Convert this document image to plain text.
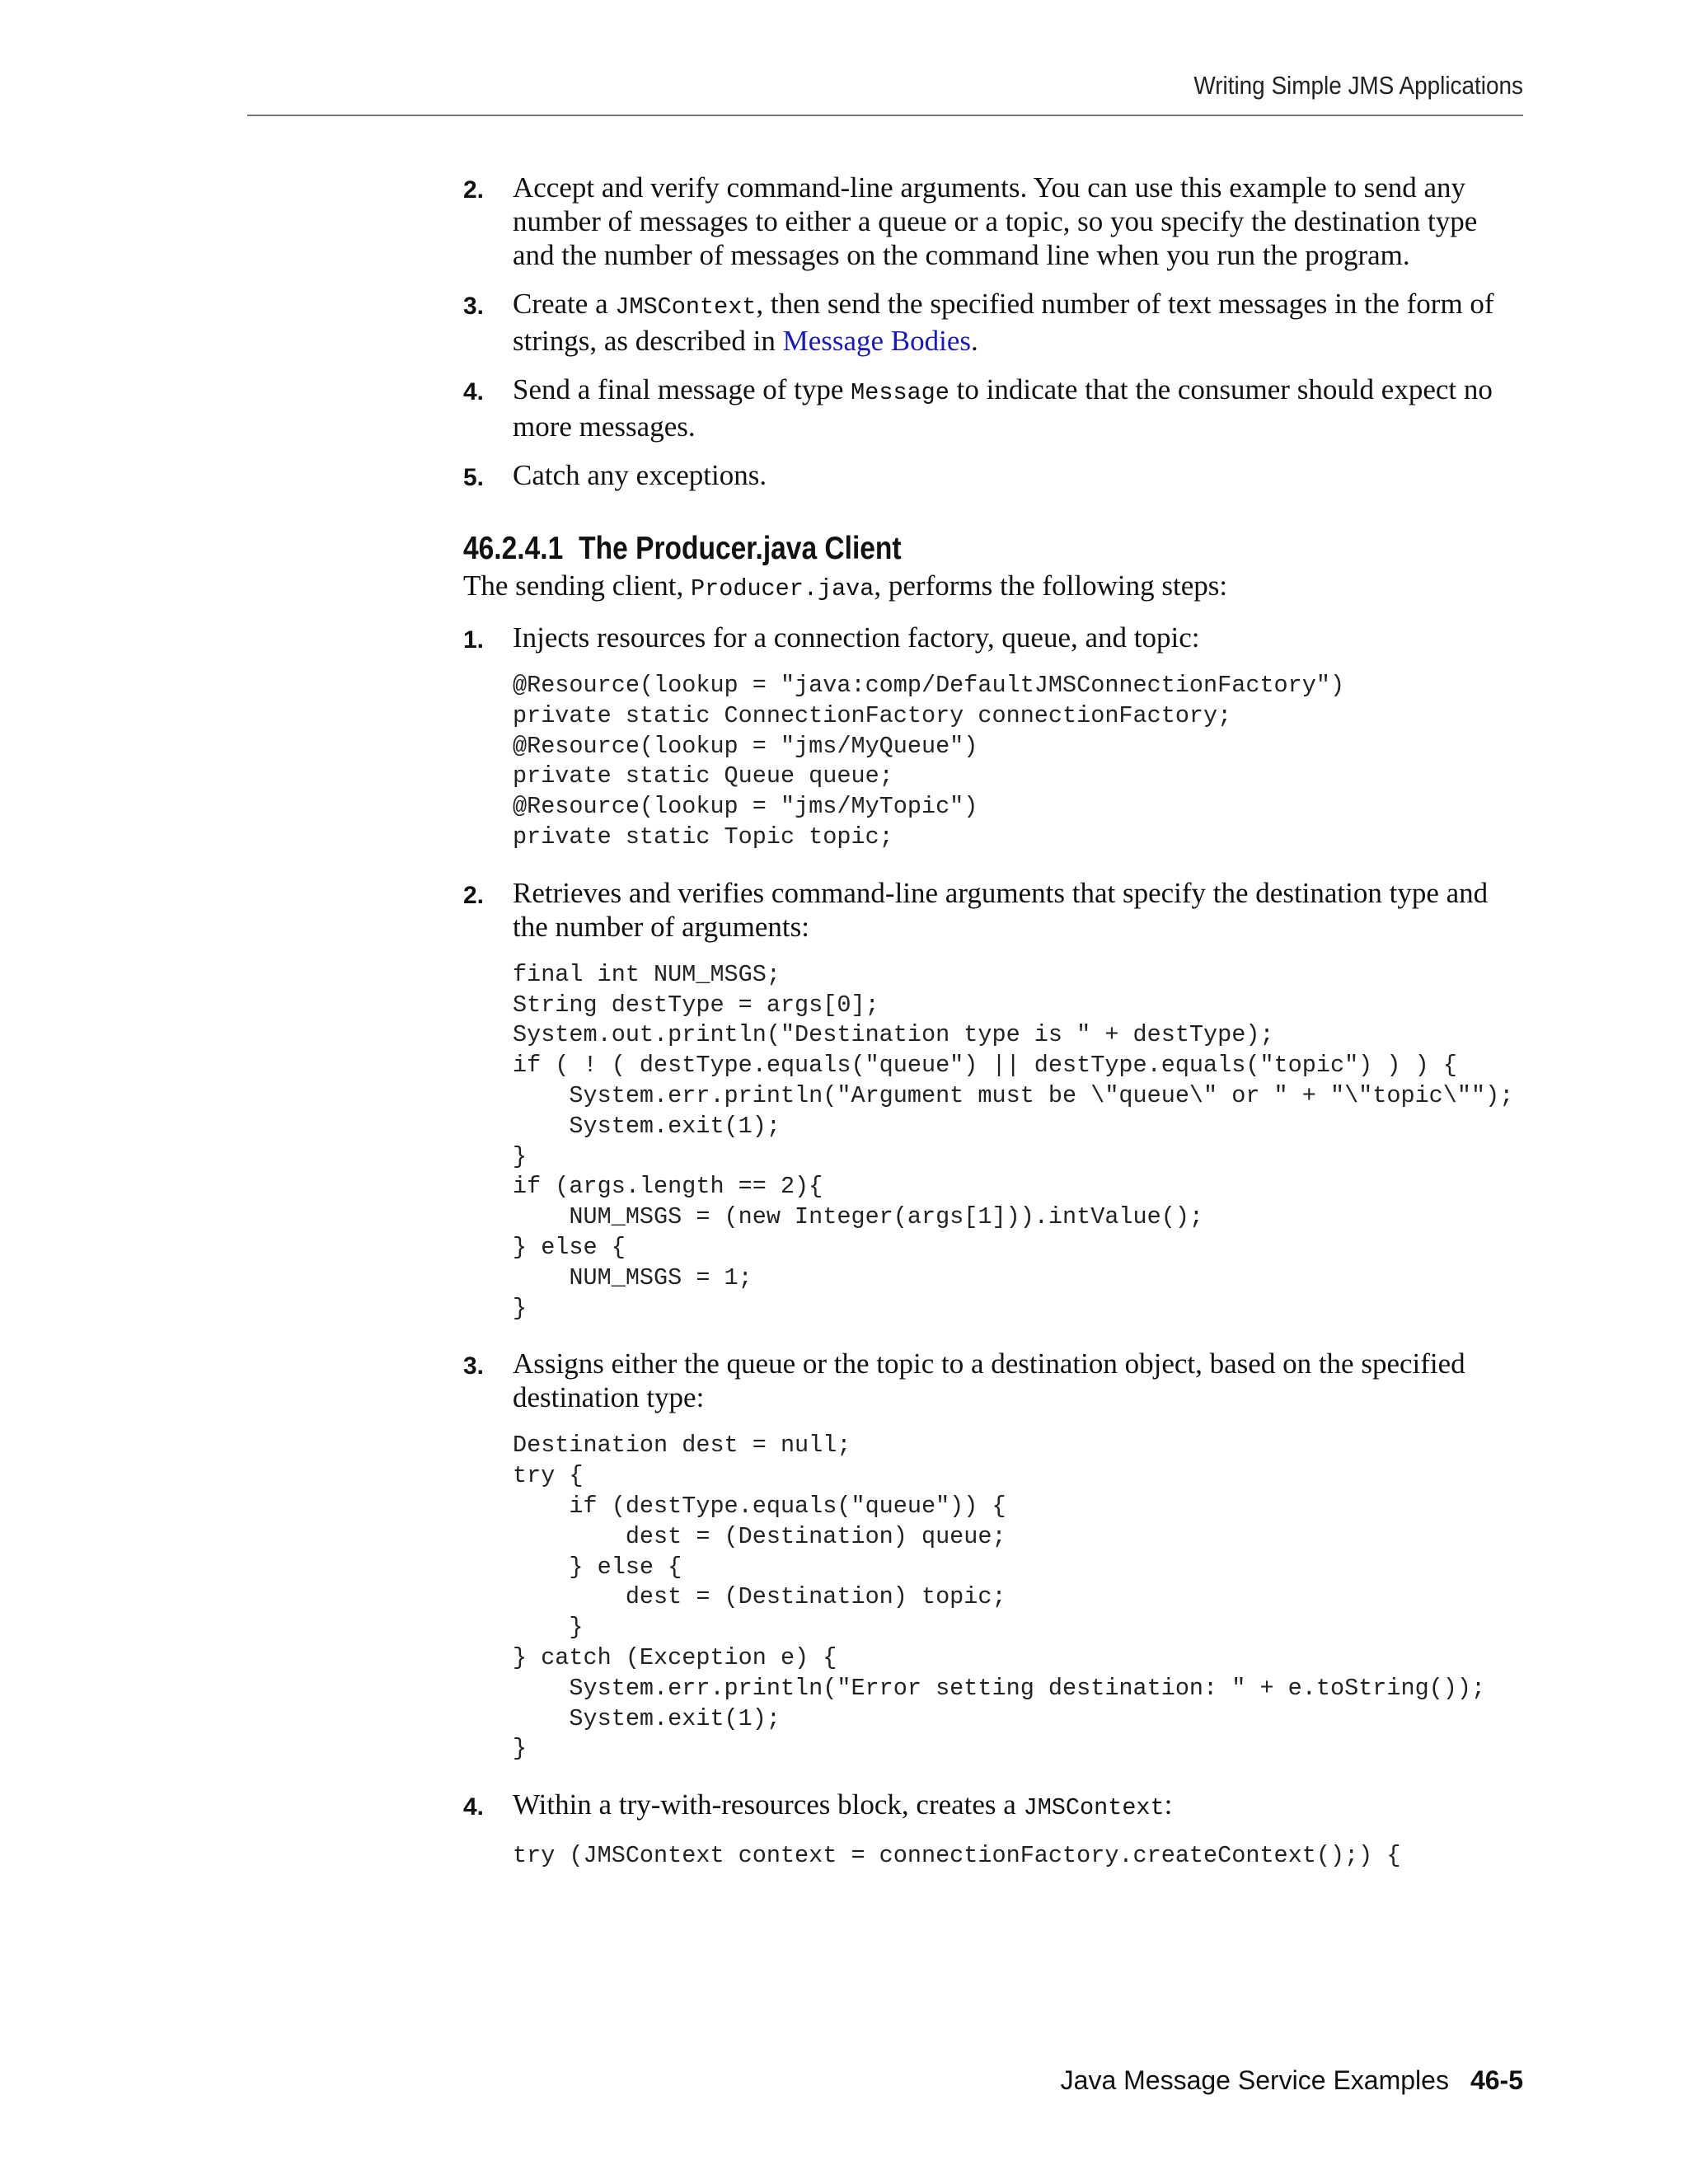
Writing Simple JMS Applications
2. Accept and verify command-line arguments. You can use this example to send any number of messages to either a queue or a topic, so you specify the destination type and the number of messages on the command line when you run the program.
3. Create a JMSContext, then send the specified number of text messages in the form of strings, as described in Message Bodies.
4. Send a final message of type Message to indicate that the consumer should expect no more messages.
5. Catch any exceptions.
46.2.4.1 The Producer.java Client
The sending client, Producer.java, performs the following steps:
1. Injects resources for a connection factory, queue, and topic:
@Resource(lookup = "java:comp/DefaultJMSConnectionFactory")
private static ConnectionFactory connectionFactory;
@Resource(lookup = "jms/MyQueue")
private static Queue queue;
@Resource(lookup = "jms/MyTopic")
private static Topic topic;
2. Retrieves and verifies command-line arguments that specify the destination type and the number of arguments:
final int NUM_MSGS;
String destType = args[0];
System.out.println("Destination type is " + destType);
if ( ! ( destType.equals("queue") || destType.equals("topic") ) ) {
System.err.println("Argument must be \"queue\" or " + "\"topic\"");
System.exit(1);
}
if (args.length == 2){
NUM_MSGS = (new Integer(args[1])).intValue();
} else {
NUM_MSGS = 1;
}
3. Assigns either the queue or the topic to a destination object, based on the specified destination type:
Destination dest = null;
try {
if (destType.equals("queue")) {
dest = (Destination) queue;
} else {
dest = (Destination) topic;
}
} catch (Exception e) {
System.err.println("Error setting destination: " + e.toString());
System.exit(1);
}
4. Within a try-with-resources block, creates a JMSContext:
try (JMSContext context = connectionFactory.createContext();) {
Java Message Service Examples 46-5
